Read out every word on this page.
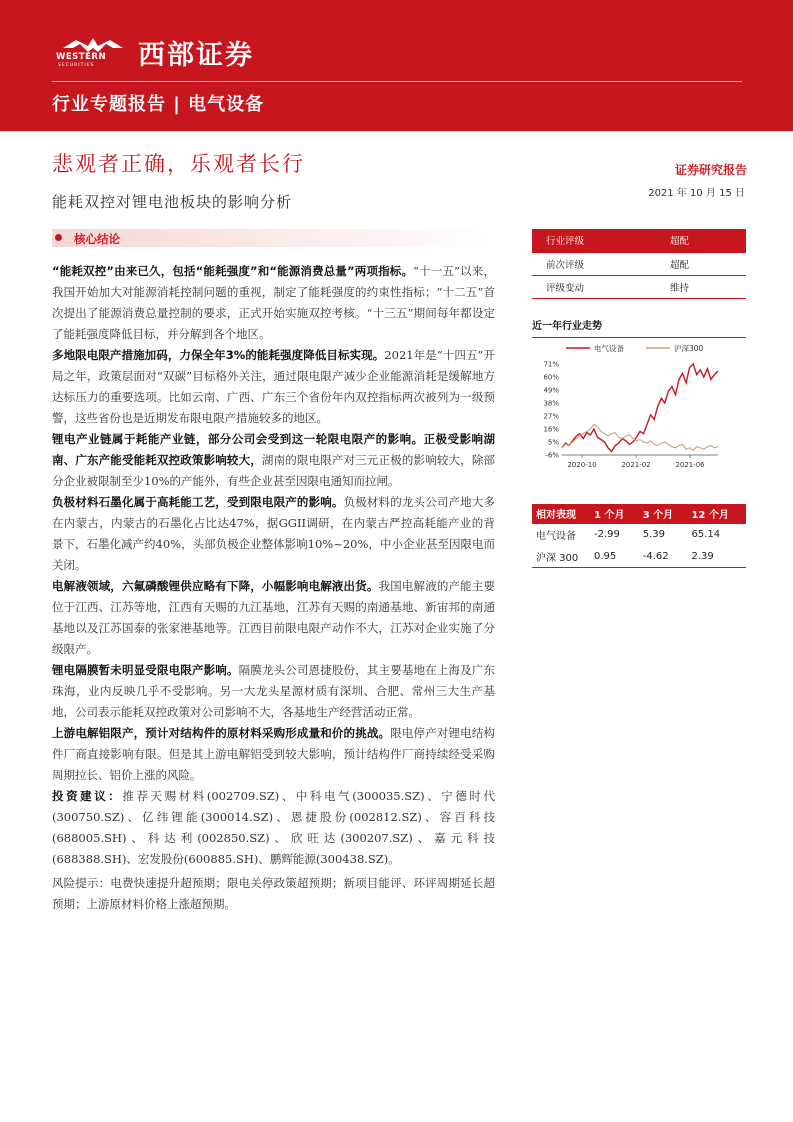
WESTERN
SECURITIES 西部证券
行业专题报告 | 电气设备
悲观者正确，乐观者长行	证券研究报告
2021 年 10 月 15 日
能耗双控对锂电池板块的影响分析
核心结论

“能耗双控”由来已久，包括“能耗强度”和“能源消费总量”两项指标。“十一五”以来，我国开始加大对能源消耗控制问题的重视，制定了能耗强度的约束性指标；“十二五”首次提出了能源消费总量控制的要求，正式开始实施双控考核。“十三五”期间每年都设定了能耗强度降低目标，并分解到各个地区。

多地限电限产措施加码，力保全年3%的能耗强度降低目标实现。2021年是“十四五”开局之年，政策层面对“双碳”目标格外关注，通过限电限产减少企业能源消耗是缓解地方达标压力的重要选项。比如云南、广西、广东三个省份年内双控指标两次被列为一级预警，这些省份也是近期发布限电限产措施较多的地区。

锂电产业链属于耗能产业链，部分公司会受到这一轮限电限产的影响。正极受影响湖南、广东产能受能耗双控政策影响较大，湖南的限电限产对三元正极的影响较大，除部分企业被限制至少10%的产能外，有些企业甚至因限电通知而拉闸。

负极材料石墨化属于高耗能工艺，受到限电限产的影响。负极材料的龙头公司产地大多在内蒙古，内蒙古的石墨化占比达47%，据GGII调研，在内蒙古严控高耗能产业的背景下，石墨化减产约40%，头部负极企业整体影响10%~20%，中小企业甚至因限电而关闭。

电解液领域，六氟磷酸锂供应略有下降，小幅影响电解液出货。我国电解液的产能主要位于江西、江苏等地，江西有天赐的九江基地，江苏有天赐的南通基地、新宙邦的南通基地以及江苏国泰的张家港基地等。江西目前限电限产动作不大，江苏对企业实施了分级限产。

锂电隔膜暂未明显受限电限产影响。隔膜龙头公司恩捷股份，其主要基地在上海及广东珠海，业内反映几乎不受影响。另一大龙头星源材质有深圳、合肥、常州三大生产基地，公司表示能耗双控政策对公司影响不大，各基地生产经营活动正常。

上游电解铝限产，预计对结构件的原材料采购形成量和价的挑战。限电停产对锂电结构件厂商直接影响有限。但是其上游电解铝受到较大影响，预计结构件厂商持续经受采购周期拉长、铝价上涨的风险。

投资建议：推荐天赐材料(002709.SZ)、中科电气(300035.SZ)、宁德时代(300750.SZ)、亿纬锂能(300014.SZ)、恩捷股份(002812.SZ)、容百科技(688005.SH)、科达利(002850.SZ)、欣旺达(300207.SZ)、嘉元科技(688388.SH)、宏发股份(600885.SH)、鹏辉能源(300438.SZ)。

风险提示：电费快速提升超预期；限电关停政策超预期；新项目能评、环评周期延长超预期；上游原材料价格上涨超预期。

行业评级	超配
前次评级	超配
评级变动	维持
近一年行业走势
电气设备	沪深300
71%
60%
49%
38%
27%
16%
5%
-6%
2020-10	2021-02	2021-06
相对表现	1 个月	3 个月	12 个月
电气设备	-2.99	5.39	65.14
沪深 300	0.95	-4.62	2.39
